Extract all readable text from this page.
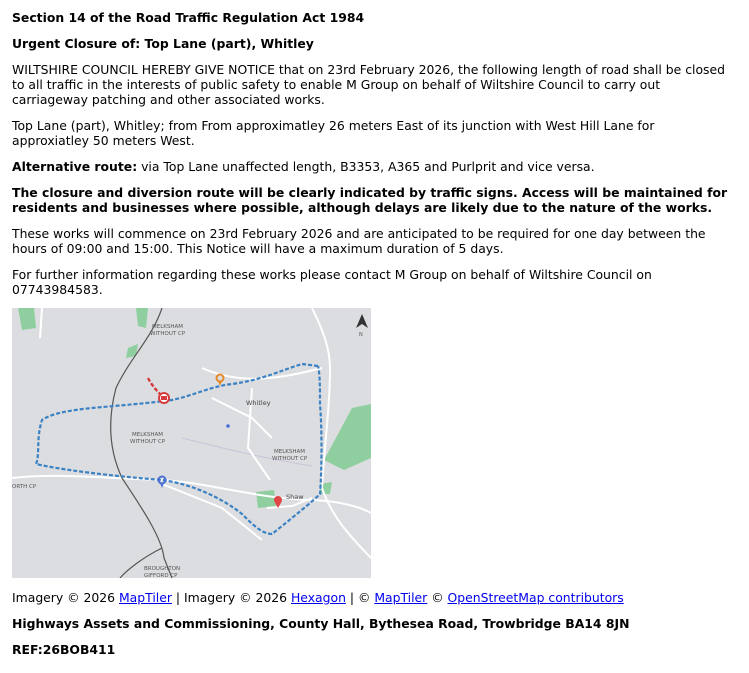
Section 14 of the Road Traffic Regulation Act 1984

Urgent Closure of: Top Lane (part), Whitley

WILTSHIRE COUNCIL HEREBY GIVE NOTICE that on 23rd February 2026, the following length of road shall be closed to all traffic in the interests of public safety to enable M Group on behalf of Wiltshire Council to carry out carriageway patching and other associated works.

Top Lane (part), Whitley; from From approximatley 26 meters East of its junction with West Hill Lane for approxiatley 50 meters West.

Alternative route: via Top Lane unaffected length, B3353, A365 and Purlprit and vice versa.

The closure and diversion route will be clearly indicated by traffic signs. Access will be maintained for residents and businesses where possible, although delays are likely due to the nature of the works.

These works will commence on 23rd February 2026 and are anticipated to be required for one day between the hours of 09:00 and 15:00. This Notice will have a maximum duration of 5 days.

For further information regarding these works please contact M Group on behalf of Wiltshire Council on 07743984583.

MELKSHAM
WITHOUT CP
Whitley
MELKSHAM
WITHOUT CP
MELKSHAM
WITHOUT CP
ORTH CP
Shaw
BROUGHTON
GIFFORD CP
N

Imagery © 2026 MapTiler | Imagery © 2026 Hexagon | © MapTiler © OpenStreetMap contributors

Highways Assets and Commissioning, County Hall, Bythesea Road, Trowbridge BA14 8JN

REF:26BOB411
